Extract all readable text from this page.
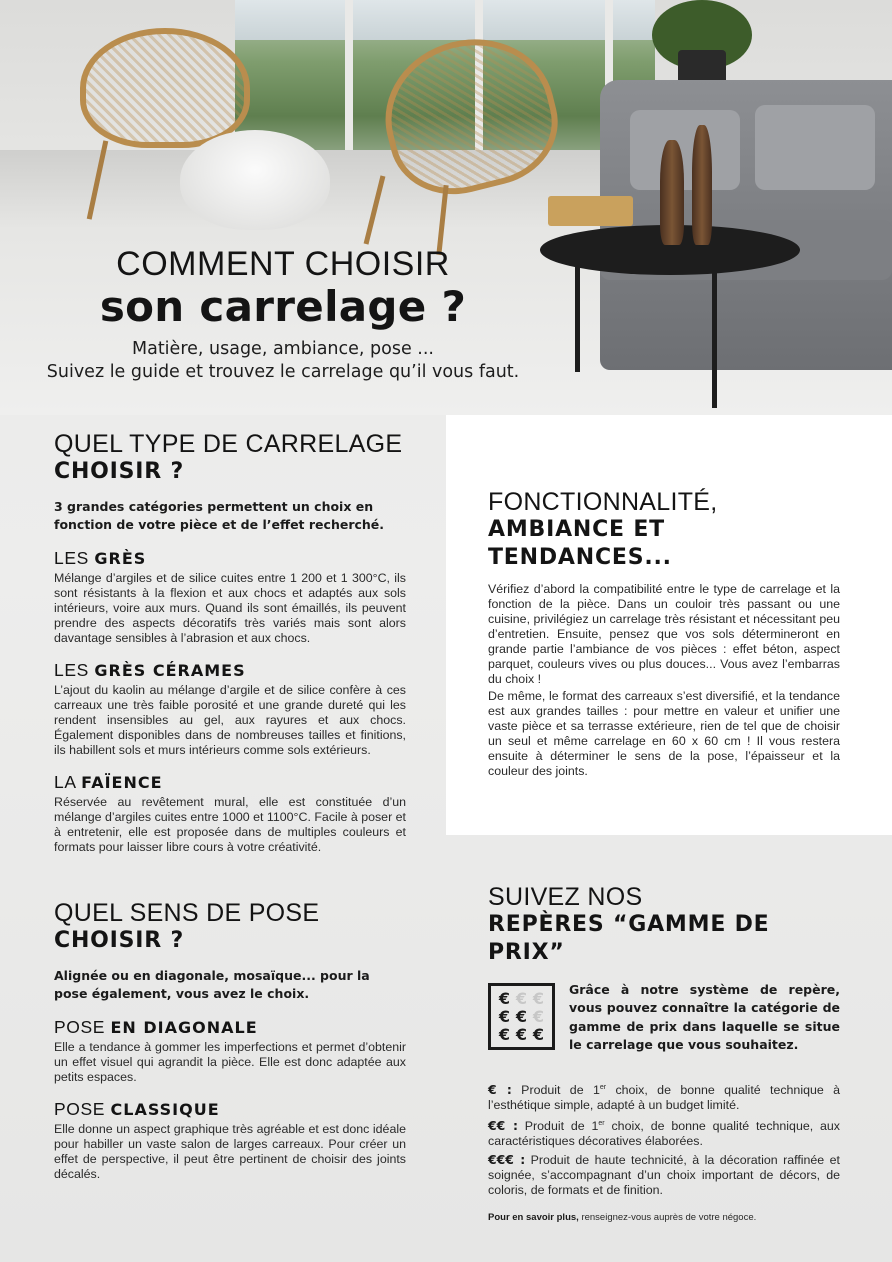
COMMENT CHOISIR
son carrelage ?
Matière, usage, ambiance, pose ...
Suivez le guide et trouvez le carrelage qu’il vous faut.
QUEL TYPE DE CARRELAGE
CHOISIR ?
3 grandes catégories permettent un choix en fonction de votre pièce et de l’effet recherché.
LES GRÈS
Mélange d’argiles et de silice cuites entre 1 200 et 1 300°C, ils sont résistants à la flexion et aux chocs et adaptés aux sols intérieurs, voire aux murs. Quand ils sont émaillés, ils peuvent prendre des aspects décoratifs très variés mais sont alors davantage sensibles à l’abrasion et aux chocs.
LES GRÈS CÉRAMES
L’ajout du kaolin au mélange d’argile et de silice confère à ces carreaux une très faible porosité et une grande dureté qui les rendent insensibles au gel, aux rayures et aux chocs. Également disponibles dans de nombreuses tailles et finitions, ils habillent sols et murs intérieurs comme sols extérieurs.
LA FAÏENCE
Réservée au revêtement mural, elle est constituée d’un mélange d’argiles cuites entre 1000 et 1100°C. Facile à poser et à entretenir, elle est proposée dans de multiples couleurs et formats pour laisser libre cours à votre créativité.
QUEL SENS DE POSE
CHOISIR ?
Alignée ou en diagonale, mosaïque... pour la pose également, vous avez le choix.
POSE EN DIAGONALE
Elle a tendance à gommer les imperfections et permet d’obtenir un effet visuel qui agrandit la pièce. Elle est donc adaptée aux petits espaces.
POSE CLASSIQUE
Elle donne un aspect graphique très agréable et est donc idéale pour habiller un vaste salon de larges carreaux. Pour créer un effet de perspective, il peut être pertinent de choisir des joints décalés.
FONCTIONNALITÉ,
AMBIANCE ET TENDANCES...
Vérifiez d’abord la compatibilité entre le type de carrelage et la fonction de la pièce. Dans un couloir très passant ou une cuisine, privilégiez un carrelage très résistant et nécessitant peu d’entretien. Ensuite, pensez que vos sols détermineront en grande partie l’ambiance de vos pièces : effet béton, aspect parquet, couleurs vives ou plus douces... Vous avez l’embarras du choix !
De même, le format des carreaux s’est diversifié, et la tendance est aux grandes tailles : pour mettre en valeur et unifier une vaste pièce et sa terrasse extérieure, rien de tel que de choisir un seul et même carrelage en 60 x 60 cm ! Il vous restera ensuite à déterminer le sens de la pose, l’épaisseur et la couleur des joints.
SUIVEZ NOS
REPÈRES “GAMME DE PRIX”
€ € €
€ € €
€ € €
Grâce à notre système de repère, vous pouvez connaître la catégorie de gamme de prix dans laquelle se situe le carrelage que vous souhaitez.

€ : Produit de 1er choix, de bonne qualité technique à l’esthétique simple, adapté à un budget limité.

€€ : Produit de 1er choix, de bonne qualité technique, aux caractéristiques décoratives élaborées.

€€€ : Produit de haute technicité, à la décoration raffinée et soignée, s’accompagnant d’un choix important de décors, de coloris, de formats et de finition.

Pour en savoir plus, renseignez-vous auprès de votre négoce.
